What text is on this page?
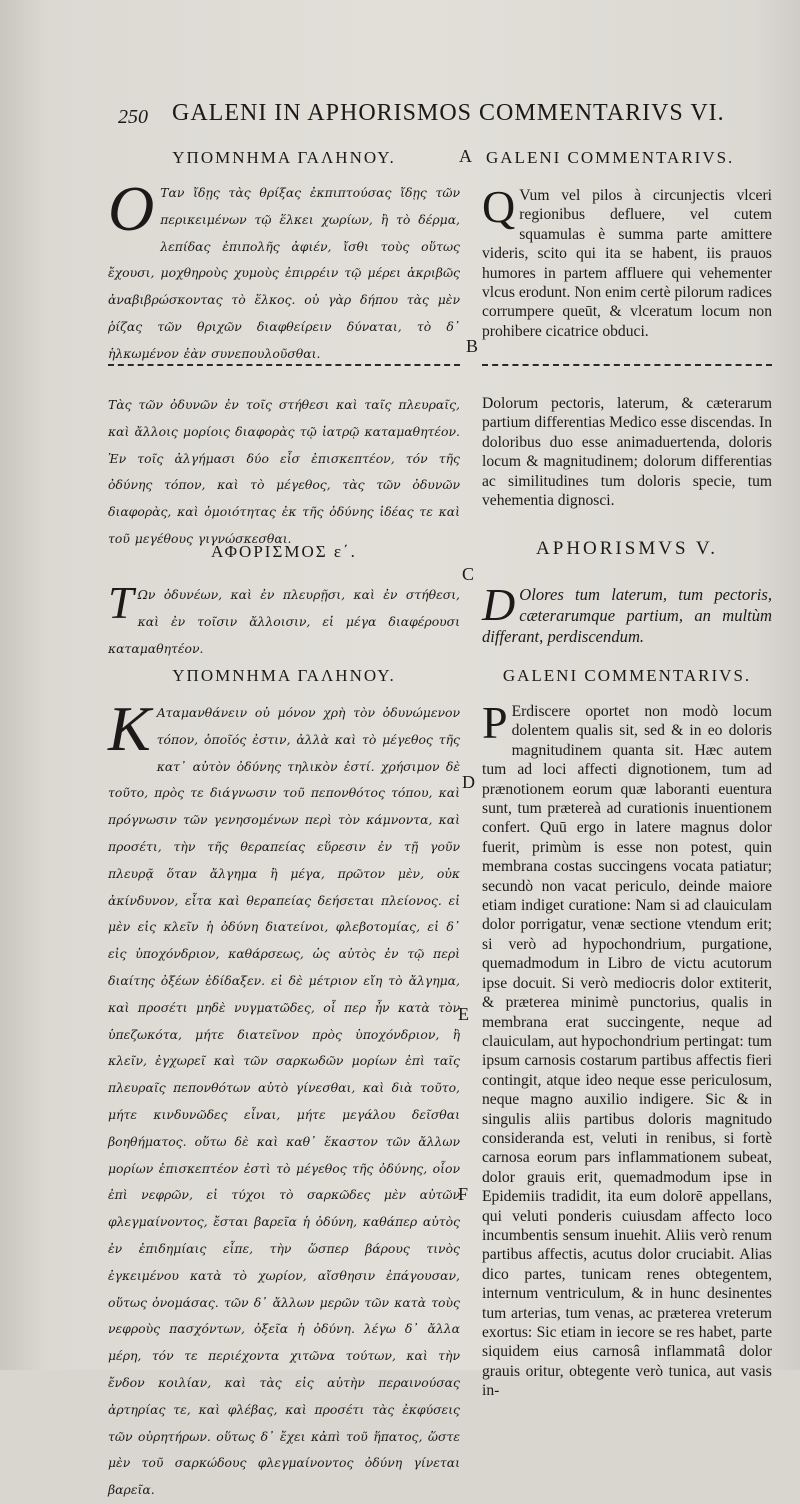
250 GALENI IN APHORISMOS COMMENTARIVS VI.
ΥΠΟΜΝΗΜΑ ΓΑΛΗΝΟΥ.	A GALENI COMMENTARIVS.
Ο Ταν ἴδῃς τὰς θρίξας ἐκπιπτούσας ἴδῃς τῶν περικειμένων τῷ ἕλκει χωρίων, ἢ τὸ δέρμα, λεπίδας ἐπιπολῆς ἀφιέν, ἴσθι τοὺς οὕτως ἔχουσι, μοχθηροὺς χυμοὺς ἐπιρρέιν τῷ μέρει ἀκριβῶς ἀναβιβρώσκοντας τὸ ἕλκος. οὐ γὰρ δήπου τὰς μὲν ῥίζας τῶν θριχῶν διαφθείρειν δύναται, τὸ δ᾽ ἡλκωμένον ἐὰν συνεπουλοῦσθαι.
Q Vum vel pilos à circunjectis vlceri regionibus defluere, vel cutem squamulas è summa parte amittere videris, scito qui ita se habent, iis prauos humores in partem affluere qui vehementer vlcus erodunt. Non enim certè pilorum radices corrumpere queūt, & vlceratum locum non prohibere cicatrice obduci.
B
Τὰς τῶν ὀδυνῶν ἐν τοῖς στήθεσι καὶ ταῖς πλευραῖς, καὶ ἄλλοις μορίοις διαφορὰς τῷ ἰατρῷ καταμαθητέον. Ἐν τοῖς ἀλγήμασι δύο εἶσ ἐπισκεπτέον, τόν τῆς ὀδύνης τόπον, καὶ τὸ μέγεθος, τὰς τῶν ὀδυνῶν διαφορὰς, καὶ ὁμοιότητας ἐκ τῆς ὀδύνης ἰδέας τε καὶ τοῦ μεγέθους γιγνώσκεσθαι.
Dolorum pectoris, laterum, & cæterarum partium differentias Medico esse discendas. In doloribus duo esse animaduertenda, doloris locum & magnitudinem; dolorum differentias ac similitudines tum doloris specie, tum vehementia dignosci.
ΑΦΟΡΙΣΜΟΣ ε΄.	APHORISMVS V.
C
Τ Ων ὀδυνέων, καὶ ἐν πλευρῇσι, καὶ ἐν στήθεσι, καὶ ἐν τοῖσιν ἄλλοισιν, εἰ μέγα διαφέρουσι καταμαθητέον.
D Olores tum laterum, tum pectoris, cæterarumque partium, an multùm differant, perdiscendum.
ΥΠΟΜΝΗΜΑ ΓΑΛΗΝΟΥ.	GALENI COMMENTARIVS.
Κ Αταμανθάνειν οὐ μόνον χρὴ τὸν ὀδυνώμενον τόπον, ὁποῖός ἐστιν, ἀλλὰ καὶ τὸ μέγεθος τῆς κατ᾽ αὐτὸν ὀδύνης τηλικὸν ἐστί. χρήσιμον δὲ τοῦτο, πρὸς τε διάγνωσιν τοῦ πεπονθότος τόπου, καὶ πρόγνωσιν τῶν γενησομένων περὶ τὸν κάμνοντα, καὶ προσέτι, τὴν τῆς θεραπείας εὕρεσιν ἐν τῇ γοῦν πλευρᾷ ὅταν ἄλγημα ἢ μέγα, πρῶτον μὲν, οὐκ ἀκίνδυνον, εἶτα καὶ θεραπείας δεήσεται πλείονος. εἰ μὲν εἰς κλεῖν ἡ ὀδύνη διατείνοι, φλεβοτομίας, εἰ δ᾽ εἰς ὑποχόνδριον, καθάρσεως, ὡς αὐτὸς ἐν τῷ περὶ διαίτης ὀξέων ἐδίδαξεν. εἰ δὲ μέτριον εἴη τὸ ἄλγημα, καὶ προσέτι μηδὲ νυγματῶδες, οἷ περ ἦν κατὰ τὸν ὑπεζωκότα, μήτε διατεῖνον πρὸς ὑποχόνδριον, ἢ κλεῖν, ἐγχωρεῖ καὶ τῶν σαρκωδῶν μορίων ἐπὶ ταῖς πλευραῖς πεπονθότων αὐτὸ γίνεσθαι, καὶ διὰ τοῦτο, μήτε κινδυνῶδες εἶναι, μήτε μεγάλου δεῖσθαι βοηθήματος. οὕτω δὲ καὶ καθ᾽ ἕκαστον τῶν ἄλλων μορίων ἐπισκεπτέον ἐστὶ τὸ μέγεθος τῆς ὀδύνης, οἷον ἐπὶ νεφρῶν, εἰ τύχοι τὸ σαρκῶδες μὲν αὐτῶν φλεγμαίνοντος, ἔσται βαρεῖα ἡ ὀδύνη, καθάπερ αὐτὸς ἐν ἐπιδημίαις εἶπε, τὴν ὥσπερ βάρους τινὸς ἐγκειμένου κατὰ τὸ χωρίον, αἴσθησιν ἐπάγουσαν, οὕτως ὀνομάσας. τῶν δ᾽ ἄλλων μερῶν τῶν κατὰ τοὺς νεφροὺς πασχόντων, ὀξεῖα ἡ ὀδύνη. λέγω δ᾽ ἄλλα μέρη, τόν τε περιέχοντα χιτῶνα τούτων, καὶ τὴν ἔνδον κοιλίαν, καὶ τὰς εἰς αὐτὴν περαινούσας ἀρτηρίας τε, καὶ φλέβας, καὶ προσέτι τὰς ἐκφύσεις τῶν οὐρητήρων. οὕτως δ᾽ ἔχει κἀπὶ τοῦ ἥπατος, ὥστε μὲν τοῦ σαρκώδους φλεγμαίνοντος ὀδύνη γίνεται βαρεῖα.
P Erdiscere oportet non modò locum dolentem qualis sit, sed & in eo doloris magnitudinem quanta sit. Hæc autem tum ad loci affecti dignotionem, tum ad prænotionem eorum quæ laboranti euentura sunt, tum prætereà ad curationis inuentionem confert. Quū ergo in latere magnus dolor fuerit, primùm is esse non potest, quin membrana costas succingens vocata patiatur; secundò non vacat periculo, deinde maiore etiam indiget curatione: Nam si ad clauiculam dolor porrigatur, venæ sectione vtendum erit; si verò ad hypochondrium, purgatione, quemadmodum in Libro de victu acutorum ipse docuit. Si verò mediocris dolor extiterit, & præterea minimè punctorius, qualis in membrana erat succingente, neque ad clauiculam, aut hypochondrium pertingat: tum ipsum carnosis costarum partibus affectis fieri contingit, atque ideo neque esse periculosum, neque magno auxilio indigere. Sic & in singulis aliis partibus doloris magnitudo consideranda est, veluti in renibus, si fortè carnosa eorum pars inflammationem subeat, dolor grauis erit, quemadmodum ipse in Epidemiis tradidit, ita eum dolorē appellans, qui veluti ponderis cuiusdam affecto loco incumbentis sensum inuehit. Aliis verò renum partibus affectis, acutus dolor cruciabit. Alias dico partes, tunicam renes obtegentem, internum ventriculum, & in hunc desinentes tum arterias, tum venas, ac præterea vreterum exortus: Sic etiam in iecore se res habet, parte siquidem eius carnosâ inflammatâ dolor grauis oritur, obtegente verò tunica, aut vasis in-
D
E
F
